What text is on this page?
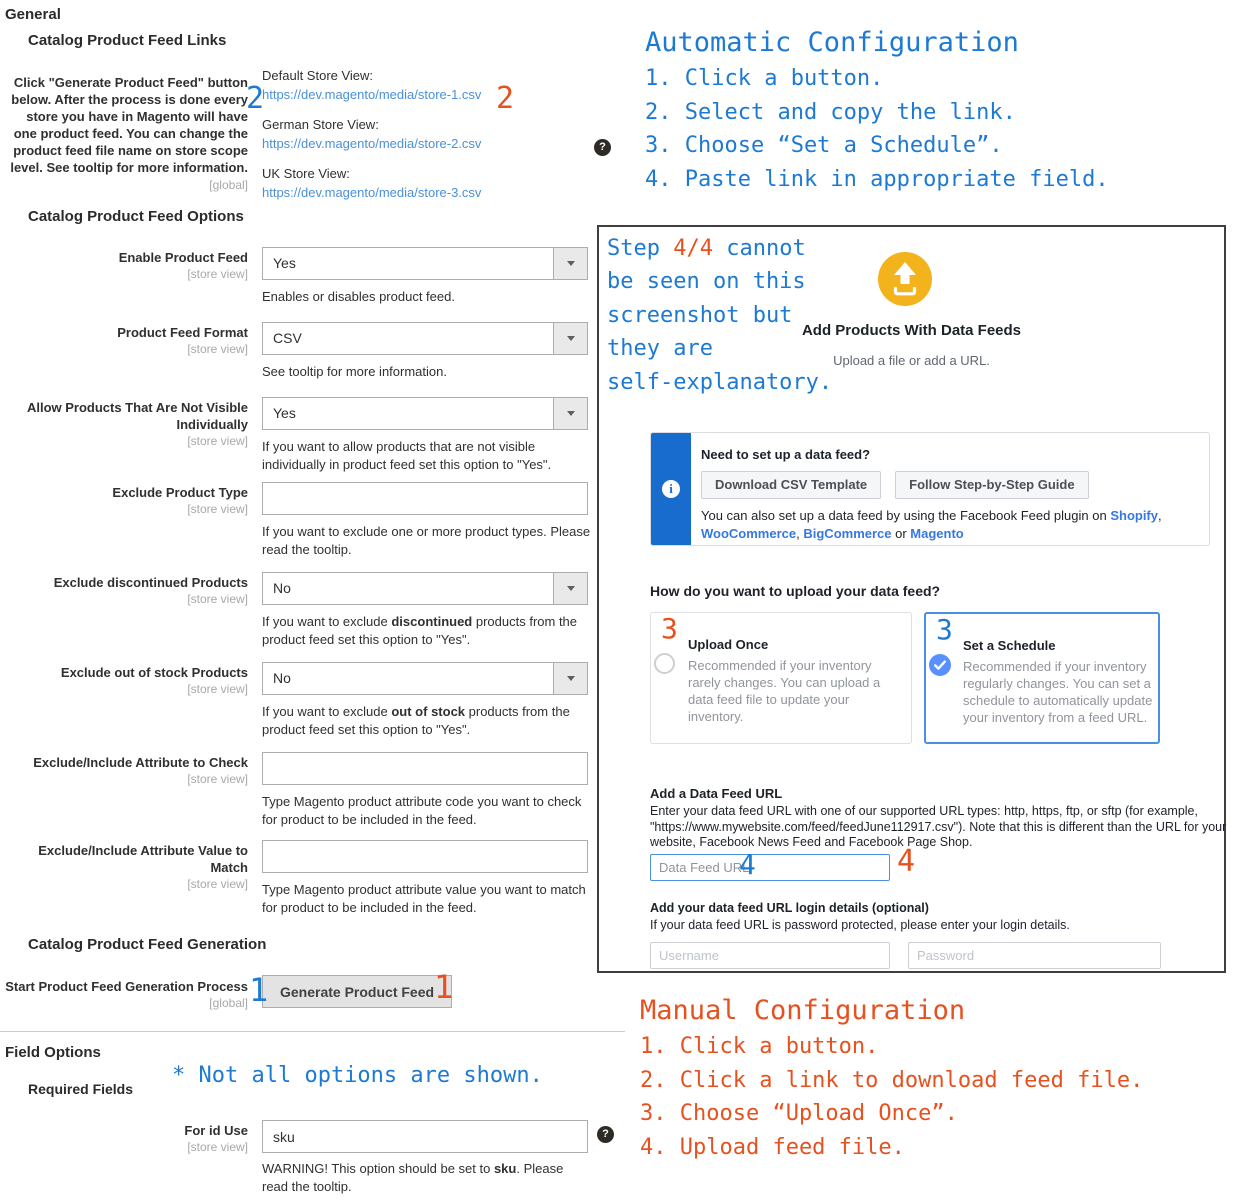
General
Catalog Product Feed Links
Click "Generate Product Feed" button below. After the process is done every store you have in Magento will have one product feed. You can change the product feed file name on store scope level. See tooltip for more information.
[global]
Default Store View:
https://dev.magento/media/store-1.csv
German Store View:
https://dev.magento/media/store-2.csv
UK Store View:
https://dev.magento/media/store-3.csv
?
Catalog Product Feed Options
Enable Product Feed
[store view]
Yes
Enables or disables product feed.
Product Feed Format
[store view]
CSV
See tooltip for more information.
Allow Products That Are Not Visible Individually
[store view]
Yes
If you want to allow products that are not visible individually in product feed set this option to "Yes".
Exclude Product Type
[store view]
If you want to exclude one or more product types. Please read the tooltip.
Exclude discontinued Products
[store view]
No
If you want to exclude discontinued products from the product feed set this option to "Yes".
Exclude out of stock Products
[store view]
No
If you want to exclude out of stock products from the product feed set this option to "Yes".
Exclude/Include Attribute to Check
[store view]
Type Magento product attribute code you want to check for product to be included in the feed.
Exclude/Include Attribute Value to Match
[store view] Type Magento product attribute value you want to match for product to be included in the feed.
Catalog Product Feed Generation
Start Product Feed Generation Process
[global]
Generate Product Feed
Field Options
Required Fields
* Not all options are shown.
For id Use
[store view]
sku
?
WARNING! This option should be set to sku. Please read the tooltip.
Automatic Configuration
1. Click a button.
2. Select and copy the link.
3. Choose “Set a Schedule”.
4. Paste link in appropriate field.
Step 4/4 cannot
be seen on this
screenshot but
they are
self-explanatory.
Add Products With Data Feeds
Upload a file or add a URL.
i
Need to set up a data feed?
Download CSV Template	Follow Step-by-Step Guide
You can also set up a data feed by using the Facebook Feed plugin on Shopify, WooCommerce, BigCommerce or Magento
How do you want to upload your data feed?
3 Upload Once
Recommended if your inventory rarely changes. You can upload a data feed file to update your inventory.
3 Set a Schedule
Recommended if your inventory regularly changes. You can set a schedule to automatically update your inventory from a feed URL.
Add a Data Feed URL
Enter your data feed URL with one of our supported URL types: http, https, ftp, or sftp (for example, "https://www.mywebsite.com/feed/feedJune112917.csv"). Note that this is different than the URL for your website, Facebook News Feed and Facebook Page Shop.
Data Feed URL
Add your data feed URL login details (optional)
If your data feed URL is password protected, please enter your login details.
Username
Password
Manual Configuration
1. Click a button.
2. Click a link to download feed file.
3. Choose “Upload Once”.
4. Upload feed file.
2	2
1	1
4	4
